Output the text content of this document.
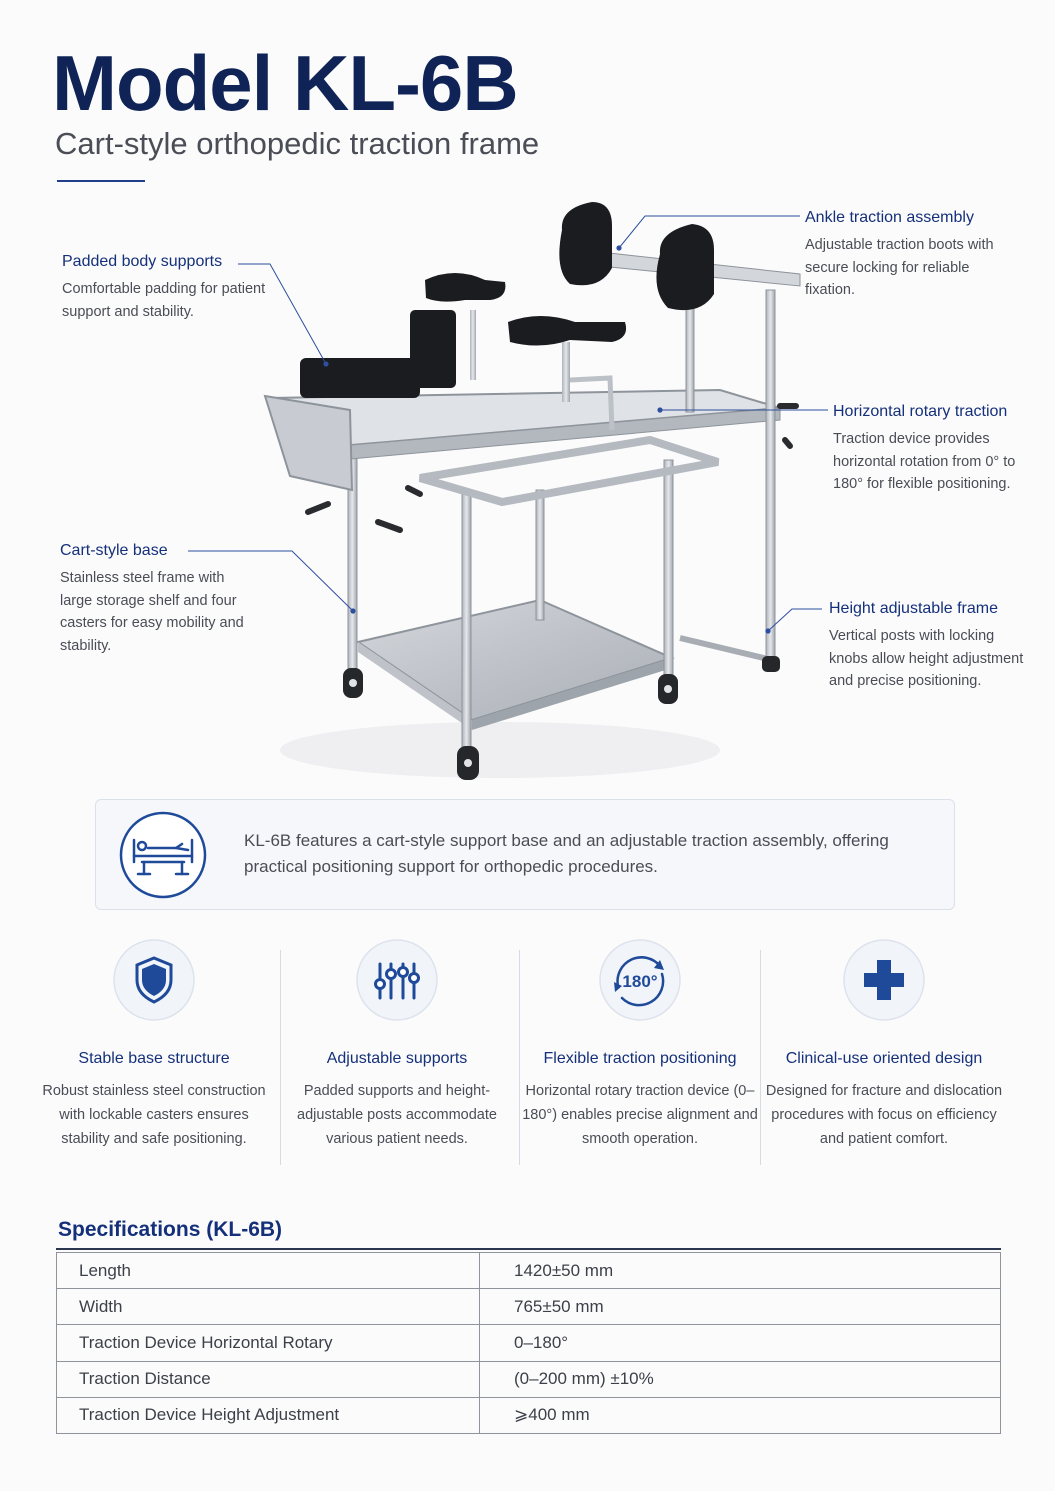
Model KL-6B
Cart-style orthopedic traction frame
Padded body supports
Comfortable padding for patient support and stability.
Ankle traction assembly
Adjustable traction boots with secure locking for reliable fixation.
Horizontal rotary traction
Traction device provides horizontal rotation from 0° to 180° for flexible positioning.
Cart-style base
Stainless steel frame with large storage shelf and four casters for easy mobility and stability.
Height adjustable frame
Vertical posts with locking knobs allow height adjustment and precise positioning.
KL-6B features a cart-style support base and an adjustable traction assembly, offering practical positioning support for orthopedic procedures.
Stable base structure
Robust stainless steel construction with lockable casters ensures stability and safe positioning.
Adjustable supports
Padded supports and height-adjustable posts accommodate various patient needs.
180°
Flexible traction positioning
Horizontal rotary traction device (0–180°) enables precise alignment and smooth operation.
Clinical-use oriented design
Designed for fracture and dislocation procedures with focus on efficiency and patient comfort.
Specifications (KL-6B)
Length	1420±50 mm
Width	765±50 mm
Traction Device Horizontal Rotary	0–180°
Traction Distance	(0–200 mm) ±10%
Traction Device Height Adjustment	⩾400 mm
